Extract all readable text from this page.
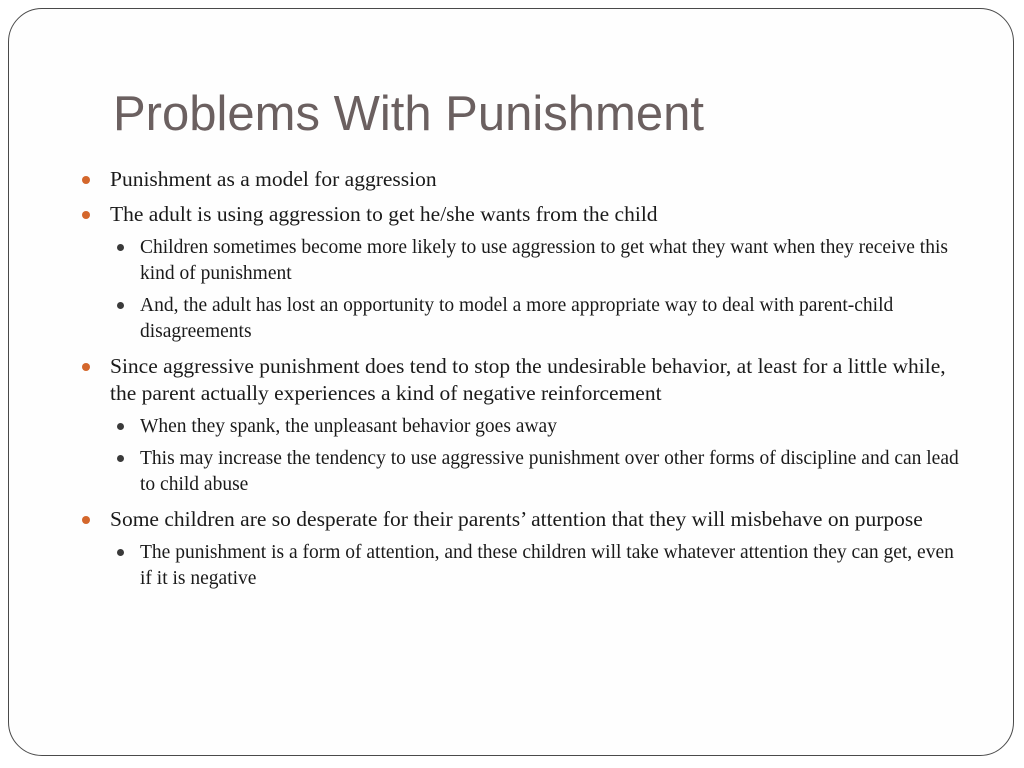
Problems With Punishment
Punishment as a model for aggression
The adult is using aggression to get he/she wants from the child
Children sometimes become more likely to use aggression to get what they want when they receive this kind of punishment
And, the adult has lost an opportunity to model a more appropriate way to deal with parent-child disagreements
Since aggressive punishment does tend to stop the undesirable behavior, at least for a little while, the parent actually experiences a kind of negative reinforcement
When they spank, the unpleasant behavior goes away
This may increase the tendency to use aggressive punishment over other forms of discipline and can lead to child abuse
Some children are so desperate for their parents’ attention that they will misbehave on purpose
The punishment is a form of attention, and these children will take whatever attention they can get, even if it is negative
